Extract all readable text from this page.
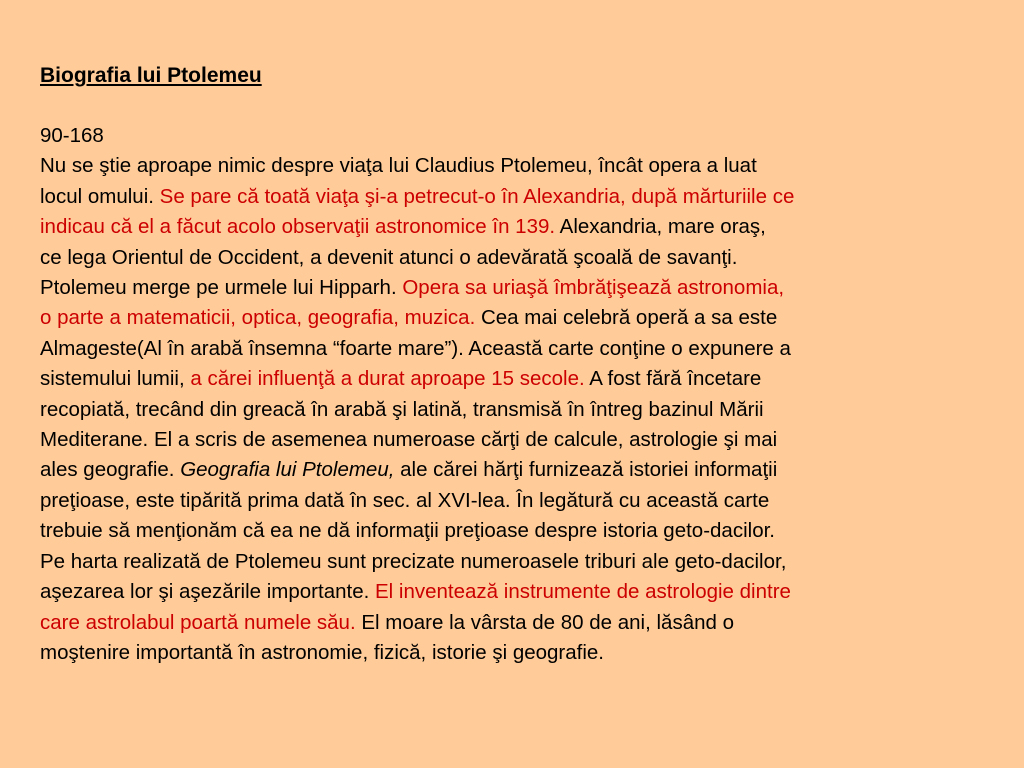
Biografia lui Ptolemeu
90-168
Nu se ştie aproape nimic despre viaţa lui Claudius Ptolemeu, încât opera a luat
locul omului. Se pare că toată viaţa şi-a petrecut-o în Alexandria, după mărturiile ce
indicau că el a făcut acolo observaţii astronomice în 139. Alexandria, mare oraş,
ce lega Orientul de Occident, a devenit atunci o adevărată şcoală de savanţi.
Ptolemeu merge pe urmele lui Hipparh. Opera sa uriaşă îmbrăţişează astronomia,
o parte a matematicii, optica, geografia, muzica. Cea mai celebră operă a sa este
Almageste(Al în arabă însemna “foarte mare”). Această carte conţine o expunere a
sistemului lumii, a cărei influenţă a durat aproape 15 secole. A fost fără încetare
recopiată, trecând din greacă în arabă şi latină, transmisă în întreg bazinul Mării
Mediterane. El a scris de asemenea numeroase cărţi de calcule, astrologie şi mai
ales geografie. Geografia lui Ptolemeu, ale cărei hărţi furnizează istoriei informaţii
preţioase, este tipărită prima dată în sec. al XVI-lea. În legătură cu această carte
trebuie să menţionăm că ea ne dă informaţii preţioase despre istoria geto-dacilor.
Pe harta realizată de Ptolemeu sunt precizate numeroasele triburi ale geto-dacilor,
aşezarea lor şi aşezările importante. El inventează instrumente de astrologie dintre
care astrolabul poartă numele său. El moare la vârsta de 80 de ani, lăsând o
moştenire importantă în astronomie, fizică, istorie şi geografie.
